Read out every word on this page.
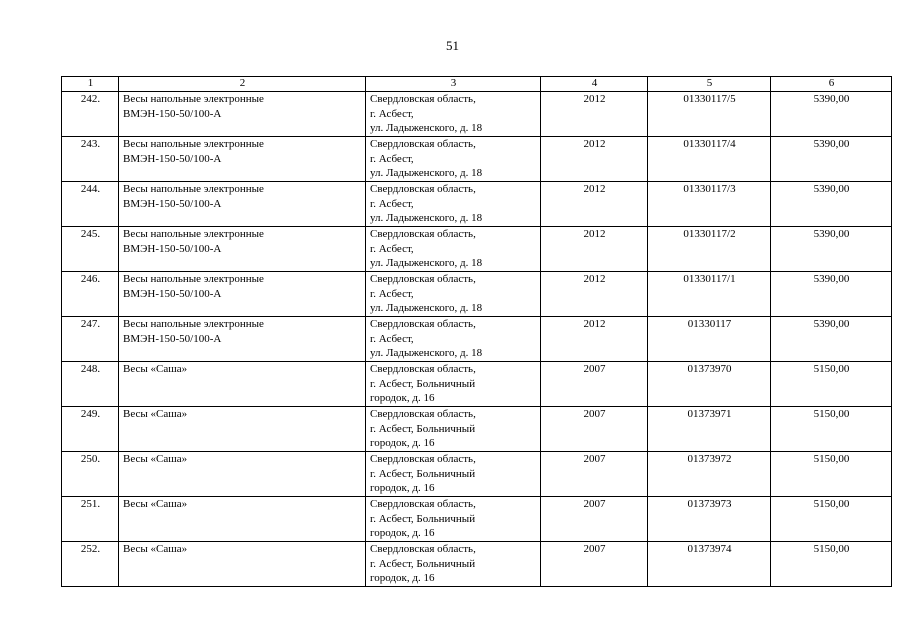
51
1	2	3	4	5	6
242.	Весы напольные электронные
ВМЭН-150-50/100-А	Свердловская область,
г. Асбест,
ул. Ладыженского, д. 18	2012	01330117/5	5390,00
243.	Весы напольные электронные
ВМЭН-150-50/100-А	Свердловская область,
г. Асбест,
ул. Ладыженского, д. 18	2012	01330117/4	5390,00
244.	Весы напольные электронные
ВМЭН-150-50/100-А	Свердловская область,
г. Асбест,
ул. Ладыженского, д. 18	2012	01330117/3	5390,00
245.	Весы напольные электронные
ВМЭН-150-50/100-А	Свердловская область,
г. Асбест,
ул. Ладыженского, д. 18	2012	01330117/2	5390,00
246.	Весы напольные электронные
ВМЭН-150-50/100-А	Свердловская область,
г. Асбест,
ул. Ладыженского, д. 18	2012	01330117/1	5390,00
247.	Весы напольные электронные
ВМЭН-150-50/100-А	Свердловская область,
г. Асбест,
ул. Ладыженского, д. 18	2012	01330117	5390,00
248.	Весы «Саша»	Свердловская область,
г. Асбест, Больничный
городок, д. 16	2007	01373970	5150,00
249.	Весы «Саша»	Свердловская область,
г. Асбест, Больничный
городок, д. 16	2007	01373971	5150,00
250.	Весы «Саша»	Свердловская область,
г. Асбест, Больничный
городок, д. 16	2007	01373972	5150,00
251.	Весы «Саша»	Свердловская область,
г. Асбест, Больничный
городок, д. 16	2007	01373973	5150,00
252.	Весы «Саша»	Свердловская область,
г. Асбест, Больничный
городок, д. 16	2007	01373974	5150,00
